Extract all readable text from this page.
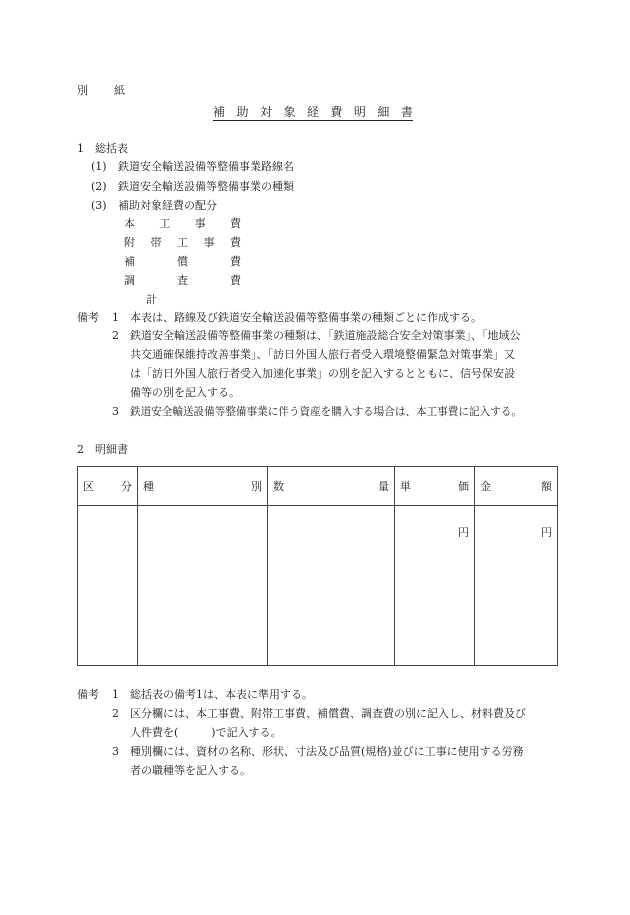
別 紙
補 助 対 象 経 費 明 細 書
1　総括表
(1) 鉄道安全輸送設備等整備事業路線名
(2) 鉄道安全輸送設備等整備事業の種類
(3) 補助対象経費の配分
本 工 事 費
附 帯 工 事 費
補	償	費
調	査	費
計
備考 1 本表は、路線及び鉄道安全輸送設備等整備事業の種類ごとに作成する。
2 鉄道安全輸送設備等整備事業の種類は、「鉄道施設総合安全対策事業」、「地域公
共交通確保維持改善事業」、「訪日外国人旅行者受入環境整備緊急対策事業」又
は「訪日外国人旅行者受入加速化事業」の別を記入するとともに、信号保安設
備等の別を記入する。
3 鉄道安全輸送設備等整備事業に伴う資産を購入する場合は、本工事費に記入する。
2　明細書
区 分	種 別	数 量	単 価	金 額

			円	円
備考 1 総括表の備考1は、本表に準用する。
2 区分欄には、本工事費、附帯工事費、補償費、調査費の別に記入し、材料費及び
人件費を(　　　)で記入する。
3 種別欄には、資材の名称、形状、寸法及び品質(規格)並びに工事に使用する労務
者の職種等を記入する。
